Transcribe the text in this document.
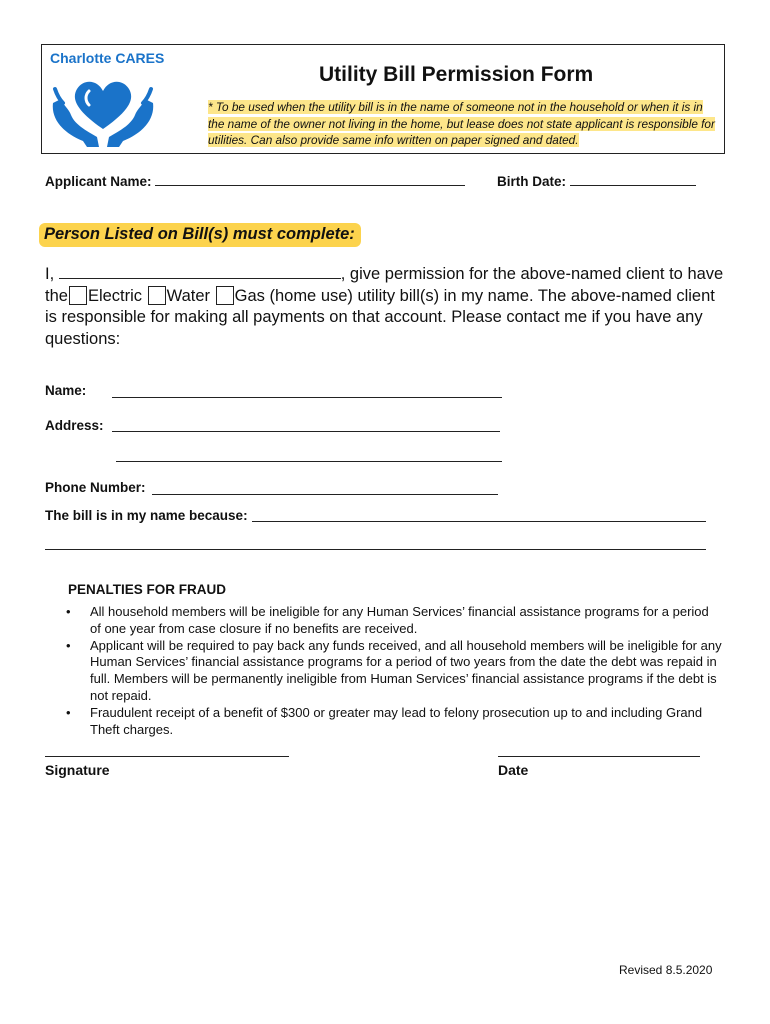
Charlotte CARES
Utility Bill Permission Form
* To be used when the utility bill is in the name of someone not in the household or when it is in the name of the owner not living in the home, but lease does not state applicant is responsible for utilities. Can also provide same info written on paper signed and dated.
Applicant Name:	Birth Date:
Person Listed on Bill(s) must complete:
I,	, give permission for the above-named client to have the Electric Water Gas (home use) utility bill(s) in my name. The above-named client is responsible for making all payments on that account. Please contact me if you have any questions:
Name:
Address:
Phone Number:
The bill is in my name because:
PENALTIES FOR FRAUD
• All household members will be ineligible for any Human Services’ financial assistance programs for a period of one year from case closure if no benefits are received.
• Applicant will be required to pay back any funds received, and all household members will be ineligible for any Human Services’ financial assistance programs for a period of two years from the date the debt was repaid in full. Members will be permanently ineligible from Human Services’ financial assistance programs if the debt is not repaid.
• Fraudulent receipt of a benefit of $300 or greater may lead to felony prosecution up to and including Grand Theft charges.
Signature	Date
Revised 8.5.2020
